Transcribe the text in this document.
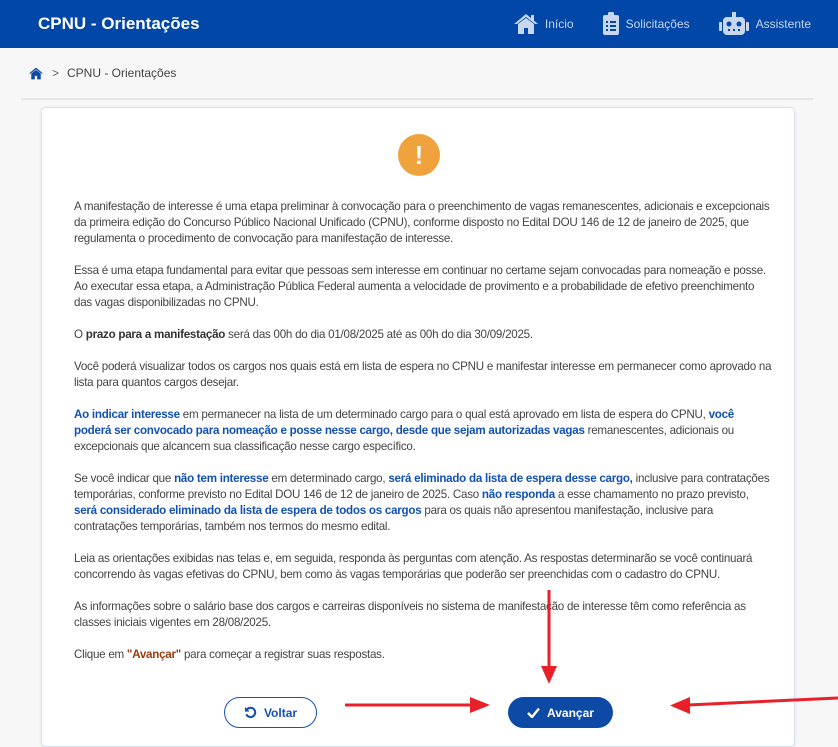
CPNU - Orientações	Início	Solicitações	Assistente
> CPNU - Orientações
!

A manifestação de interesse é uma etapa preliminar à convocação para o preenchimento de vagas remanescentes, adicionais e excepcionais da primeira edição do Concurso Público Nacional Unificado (CPNU), conforme disposto no Edital DOU 146 de 12 de janeiro de 2025, que regulamenta o procedimento de convocação para manifestação de interesse.

Essa é uma etapa fundamental para evitar que pessoas sem interesse em continuar no certame sejam convocadas para nomeação e posse. Ao executar essa etapa, a Administração Pública Federal aumenta a velocidade de provimento e a probabilidade de efetivo preenchimento das vagas disponibilizadas no CPNU.

O prazo para a manifestação será das 00h do dia 01/08/2025 até as 00h do dia 30/09/2025.

Você poderá visualizar todos os cargos nos quais está em lista de espera no CPNU e manifestar interesse em permanecer como aprovado na lista para quantos cargos desejar.

Ao indicar interesse em permanecer na lista de um determinado cargo para o qual está aprovado em lista de espera do CPNU, você poderá ser convocado para nomeação e posse nesse cargo, desde que sejam autorizadas vagas remanescentes, adicionais ou excepcionais que alcancem sua classificação nesse cargo específico.

Se você indicar que não tem interesse em determinado cargo, será eliminado da lista de espera desse cargo, inclusive para contratações temporárias, conforme previsto no Edital DOU 146 de 12 de janeiro de 2025. Caso não responda a esse chamamento no prazo previsto, será considerado eliminado da lista de espera de todos os cargos para os quais não apresentou manifestação, inclusive para contratações temporárias, também nos termos do mesmo edital.

Leia as orientações exibidas nas telas e, em seguida, responda às perguntas com atenção. As respostas determinarão se você continuará concorrendo às vagas efetivas do CPNU, bem como às vagas temporárias que poderão ser preenchidas com o cadastro do CPNU.

As informações sobre o salário base dos cargos e carreiras disponíveis no sistema de manifestação de interesse têm como referência as classes iniciais vigentes em 28/08/2025.

Clique em "Avançar" para começar a registrar suas respostas.

Voltar	Avançar
